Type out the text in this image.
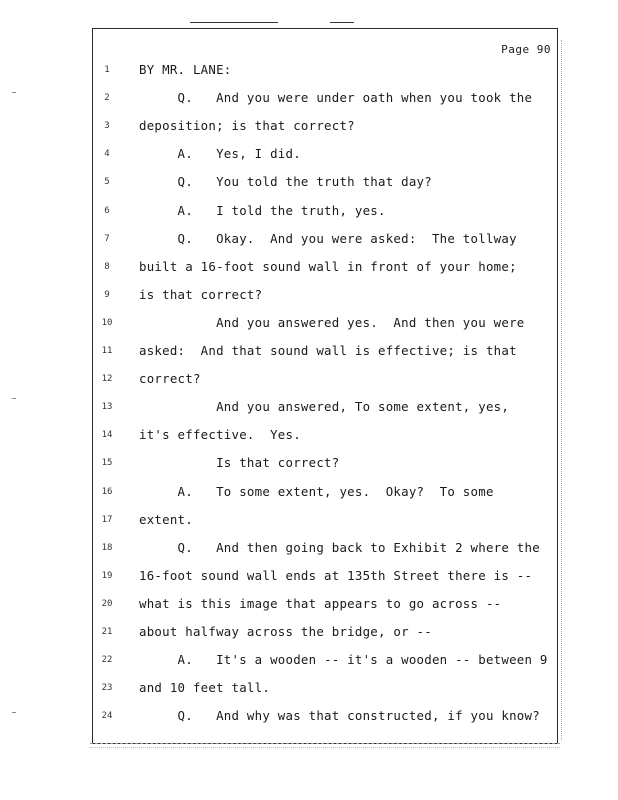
Page 90
1	BY MR. LANE:
2	Q.   And you were under oath when you took the
3	deposition; is that correct?
4	A.   Yes, I did.
5	Q.   You told the truth that day?
6	A.   I told the truth, yes.
7	Q.   Okay.  And you were asked:  The tollway
8	built a 16-foot sound wall in front of your home;
9	is that correct?
10	And you answered yes.  And then you were
11	asked:  And that sound wall is effective; is that
12	correct?
13	And you answered, To some extent, yes,
14	it's effective.  Yes.
15	Is that correct?
16	A.   To some extent, yes.  Okay?  To some
17	extent.
18	Q.   And then going back to Exhibit 2 where the
19	16-foot sound wall ends at 135th Street there is --
20	what is this image that appears to go across --
21	about halfway across the bridge, or --
22	A.   It's a wooden -- it's a wooden -- between 9
23	and 10 feet tall.
24	Q.   And why was that constructed, if you know?
